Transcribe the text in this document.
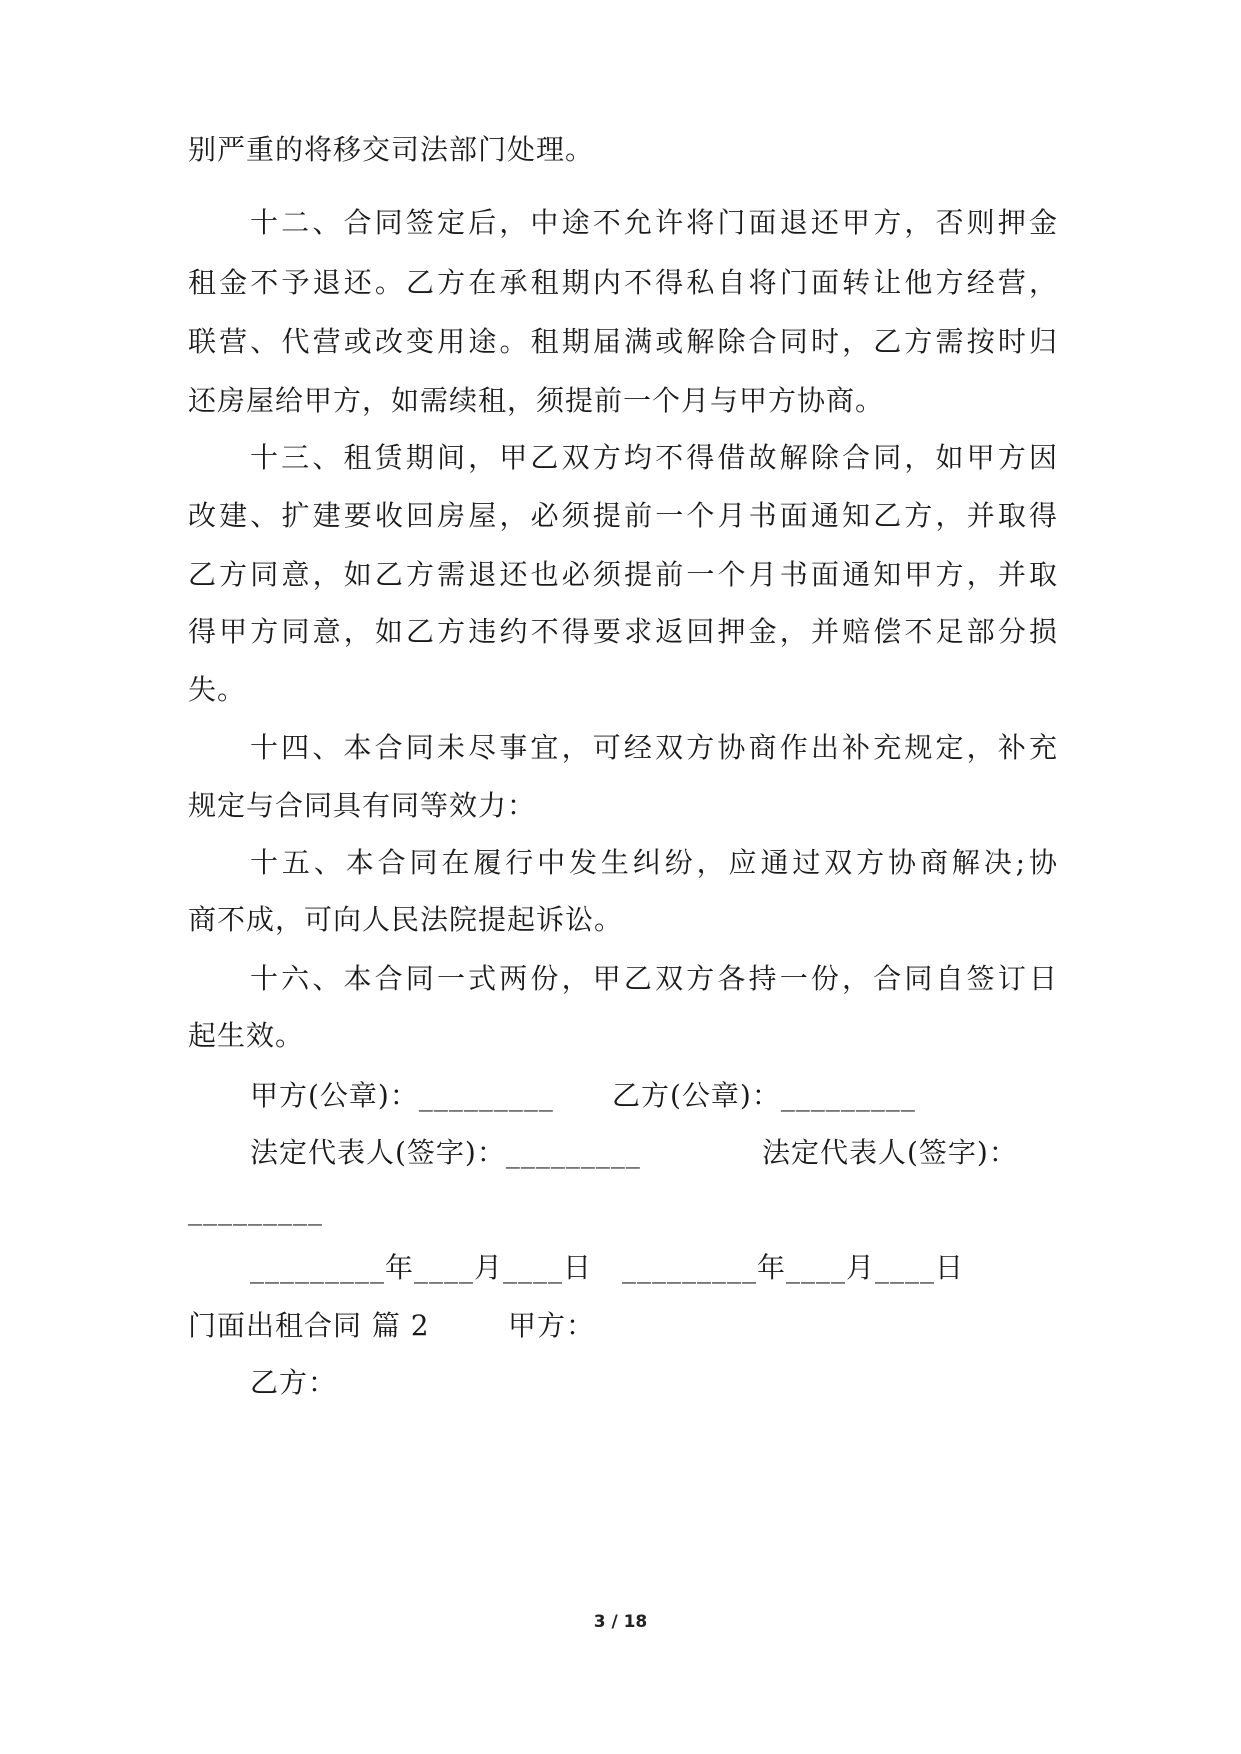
别严重的将移交司法部门处理。
十二、合同签定后，中途不允许将门面退还甲方，否则押金
租金不予退还。乙方在承租期内不得私自将门面转让他方经营，
联营、代营或改变用途。租期届满或解除合同时，乙方需按时归
还房屋给甲方，如需续租，须提前一个月与甲方协商。
十三、租赁期间，甲乙双方均不得借故解除合同，如甲方因
改建、扩建要收回房屋，必须提前一个月书面通知乙方，并取得
乙方同意，如乙方需退还也必须提前一个月书面通知甲方，并取
得甲方同意，如乙方违约不得要求返回押金，并赔偿不足部分损
失。
十四、本合同未尽事宜，可经双方协商作出补充规定，补充
规定与合同具有同等效力：
十五、本合同在履行中发生纠纷，应通过双方协商解决;协
商不成，可向人民法院提起诉讼。
十六、本合同一式两份，甲乙双方各持一份，合同自签订日
起生效。
甲方(公章)：_________ 乙方(公章)：_________
法定代表人(签字)：_________	法定代表人(签字)：
_________
_________年____月____日 _________年____月____日
门面出租合同 篇 2	甲方：
乙方：
3 / 18
